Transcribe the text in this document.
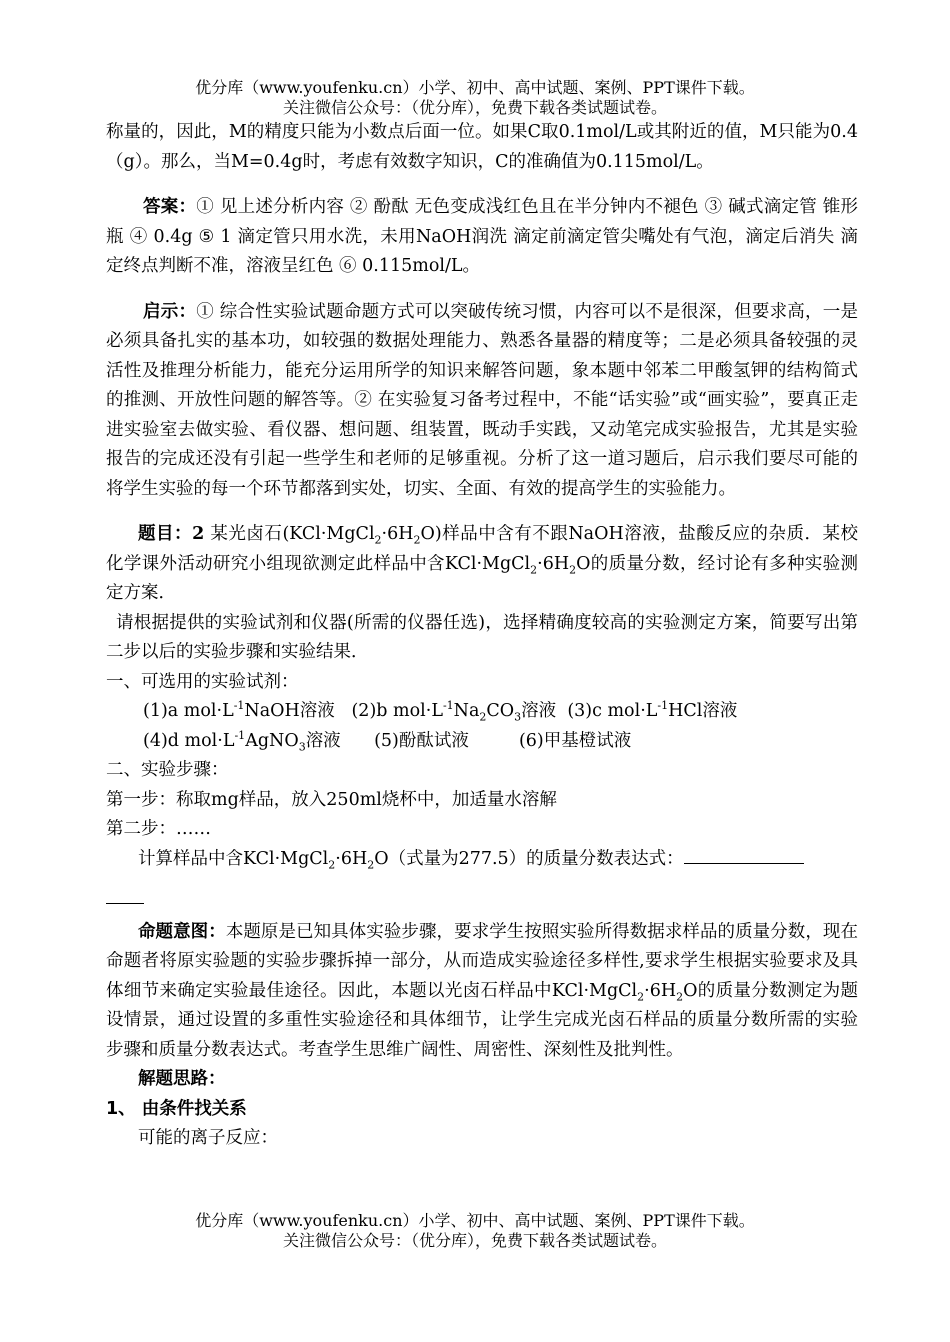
优分库（www.youfenku.cn）小学、初中、高中试题、案例、PPT课件下载。
关注微信公众号：（优分库），免费下载各类试题试卷。

称量的，因此，M的精度只能为小数点后面一位。如果C取0.1mol/L或其附近的值，M只能为0.4（g）。那么，当M=0.4g时，考虑有效数字知识，C的准确值为0.115mol/L。

答案：① 见上述分析内容 ② 酚酞 无色变成浅红色且在半分钟内不褪色 ③ 碱式滴定管 锥形瓶 ④ 0.4g ⑤ 1 滴定管只用水洗，未用NaOH润洗 滴定前滴定管尖嘴处有气泡，滴定后消失 滴定终点判断不准，溶液呈红色 ⑥ 0.115mol/L。

启示：① 综合性实验试题命题方式可以突破传统习惯，内容可以不是很深，但要求高，一是必须具备扎实的基本功，如较强的数据处理能力、熟悉各量器的精度等；二是必须具备较强的灵活性及推理分析能力，能充分运用所学的知识来解答问题，象本题中邻苯二甲酸氢钾的结构简式的推测、开放性问题的解答等。② 在实验复习备考过程中，不能“话实验”或“画实验”，要真正走进实验室去做实验、看仪器、想问题、组装置，既动手实践，又动笔完成实验报告，尤其是实验报告的完成还没有引起一些学生和老师的足够重视。分析了这一道习题后，启示我们要尽可能的将学生实验的每一个环节都落到实处，切实、全面、有效的提高学生的实验能力。

题目：2 某光卤石$(KCl\cdot MgCl_2\cdot 6H_2O)$样品中含有不跟NaOH溶液，盐酸反应的杂质．某校化学课外活动研究小组现欲测定此样品中含$KCl\cdot MgCl_2\cdot 6H_2O$的质量分数，经讨论有多种实验测定方案．

请根据提供的实验试剂和仪器(所需的仪器任选)，选择精确度较高的实验测定方案，简要写出第二步以后的实验步骤和实验结果．

一、可选用的实验试剂：

(1)a $mol\cdot L^{-1}NaOH$溶液 (2)b $mol\cdot L^{-1}Na_2CO_3$溶液 (3)c $mol\cdot L^{-1}HCl$溶液

(4)d $mol\cdot L^{-1}AgNO_3$溶液 (5)酚酞试液	(6)甲基橙试液

二、实验步骤：

第一步：称取mg样品，放入250ml烧杯中，加适量水溶解

第二步：……

计算样品中含$KCl\cdot MgCl_2\cdot 6H_2O$（式量为277.5）的质量分数表达式：

命题意图：本题原是已知具体实验步骤，要求学生按照实验所得数据求样品的质量分数，现在命题者将原实验题的实验步骤拆掉一部分，从而造成实验途径多样性,要求学生根据实验要求及具体细节来确定实验最佳途径。因此，本题以光卤石样品中$KCl\cdot MgCl_2\cdot 6H_2O$的质量分数测定为题设情景，通过设置的多重性实验途径和具体细节，让学生完成光卤石样品的质量分数所需的实验步骤和质量分数表达式。考查学生思维广阔性、周密性、深刻性及批判性。

解题思路：

1、 由条件找关系

可能的离子反应：

优分库（www.youfenku.cn）小学、初中、高中试题、案例、PPT课件下载。
关注微信公众号：（优分库），免费下载各类试题试卷。
